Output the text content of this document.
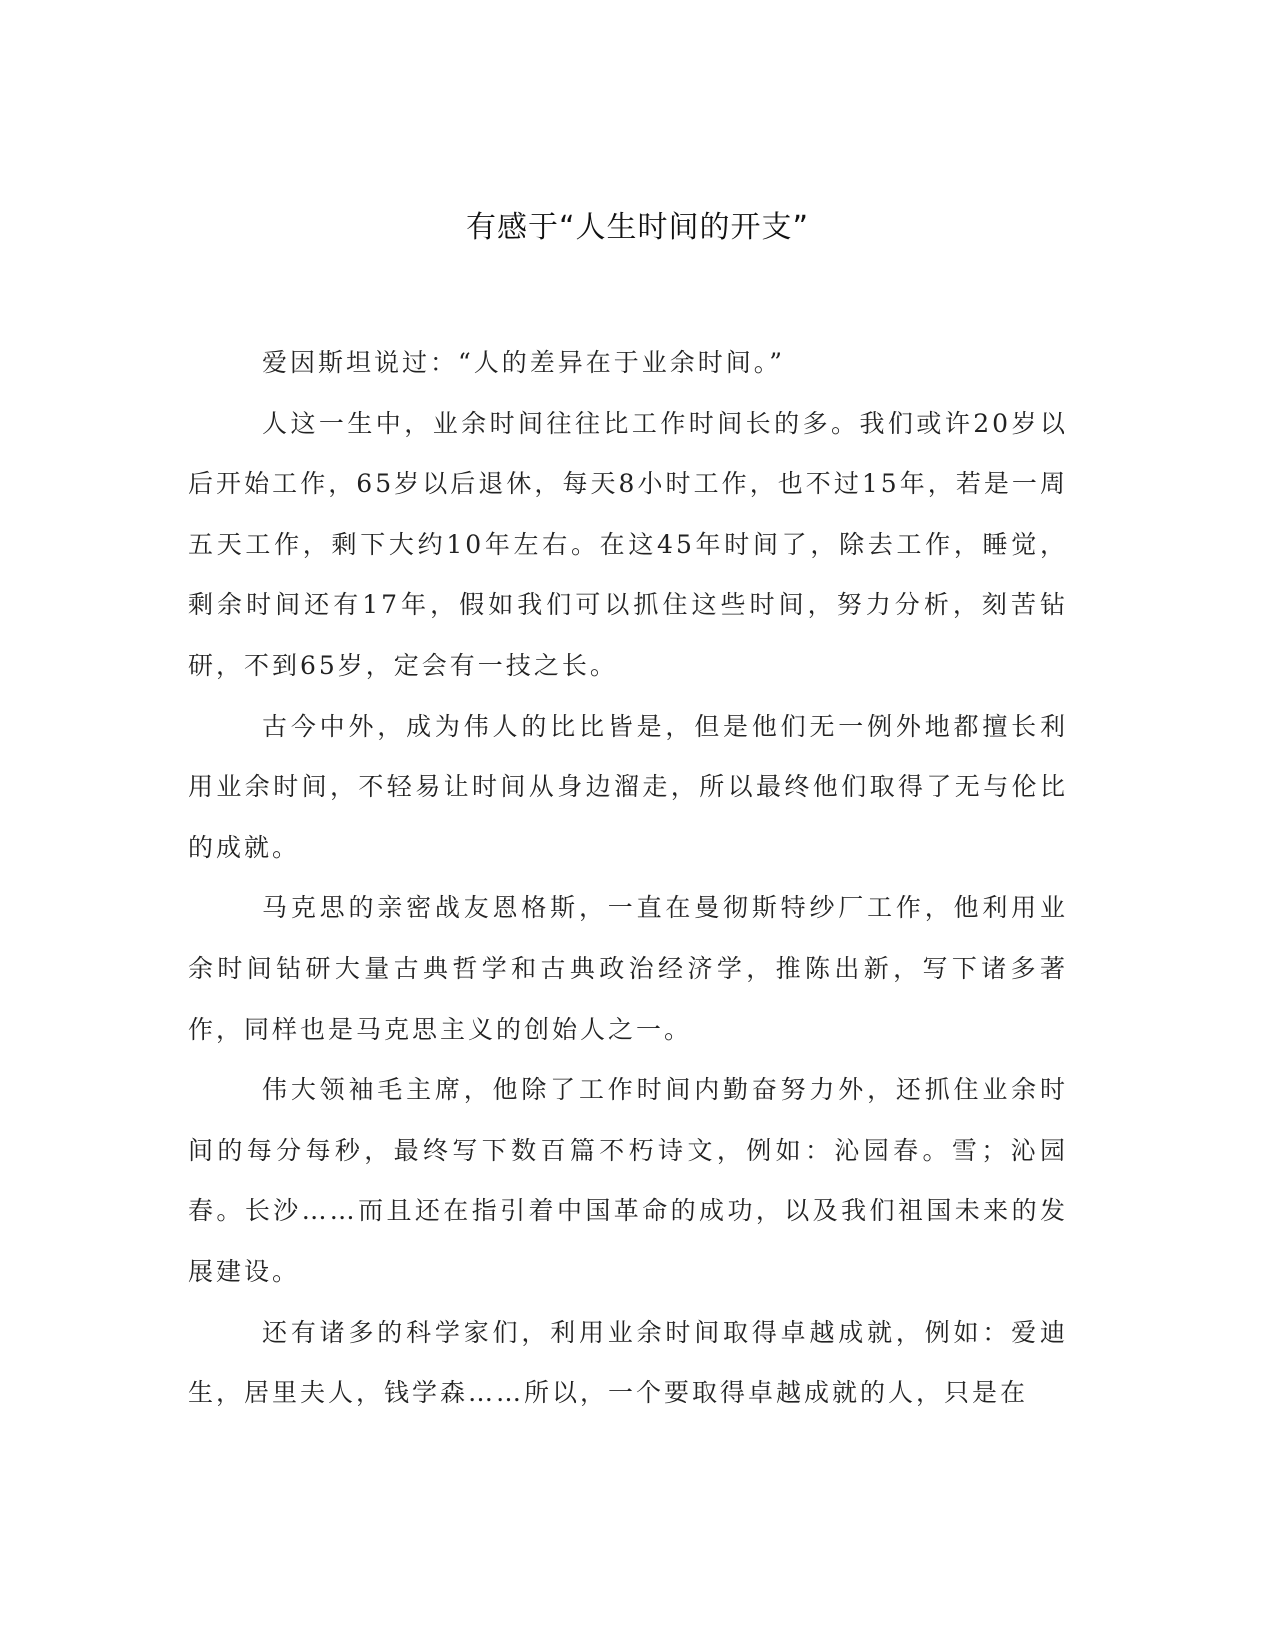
有感于“人生时间的开支”

爱因斯坦说过：“人的差异在于业余时间。”

人这一生中，业余时间往往比工作时间长的多。我们或许20岁以后开始工作，65岁以后退休，每天8小时工作，也不过15年，若是一周五天工作，剩下大约10年左右。在这45年时间了，除去工作，睡觉，剩余时间还有17年，假如我们可以抓住这些时间，努力分析，刻苦钻研，不到65岁，定会有一技之长。

古今中外，成为伟人的比比皆是，但是他们无一例外地都擅长利用业余时间，不轻易让时间从身边溜走，所以最终他们取得了无与伦比的成就。

马克思的亲密战友恩格斯，一直在曼彻斯特纱厂工作，他利用业余时间钻研大量古典哲学和古典政治经济学，推陈出新，写下诸多著作，同样也是马克思主义的创始人之一。

伟大领袖毛主席，他除了工作时间内勤奋努力外，还抓住业余时间的每分每秒，最终写下数百篇不朽诗文，例如：沁园春。雪；沁园春。长沙……而且还在指引着中国革命的成功，以及我们祖国未来的发展建设。

还有诸多的科学家们，利用业余时间取得卓越成就，例如：爱迪生，居里夫人，钱学森……所以，一个要取得卓越成就的人，只是在
